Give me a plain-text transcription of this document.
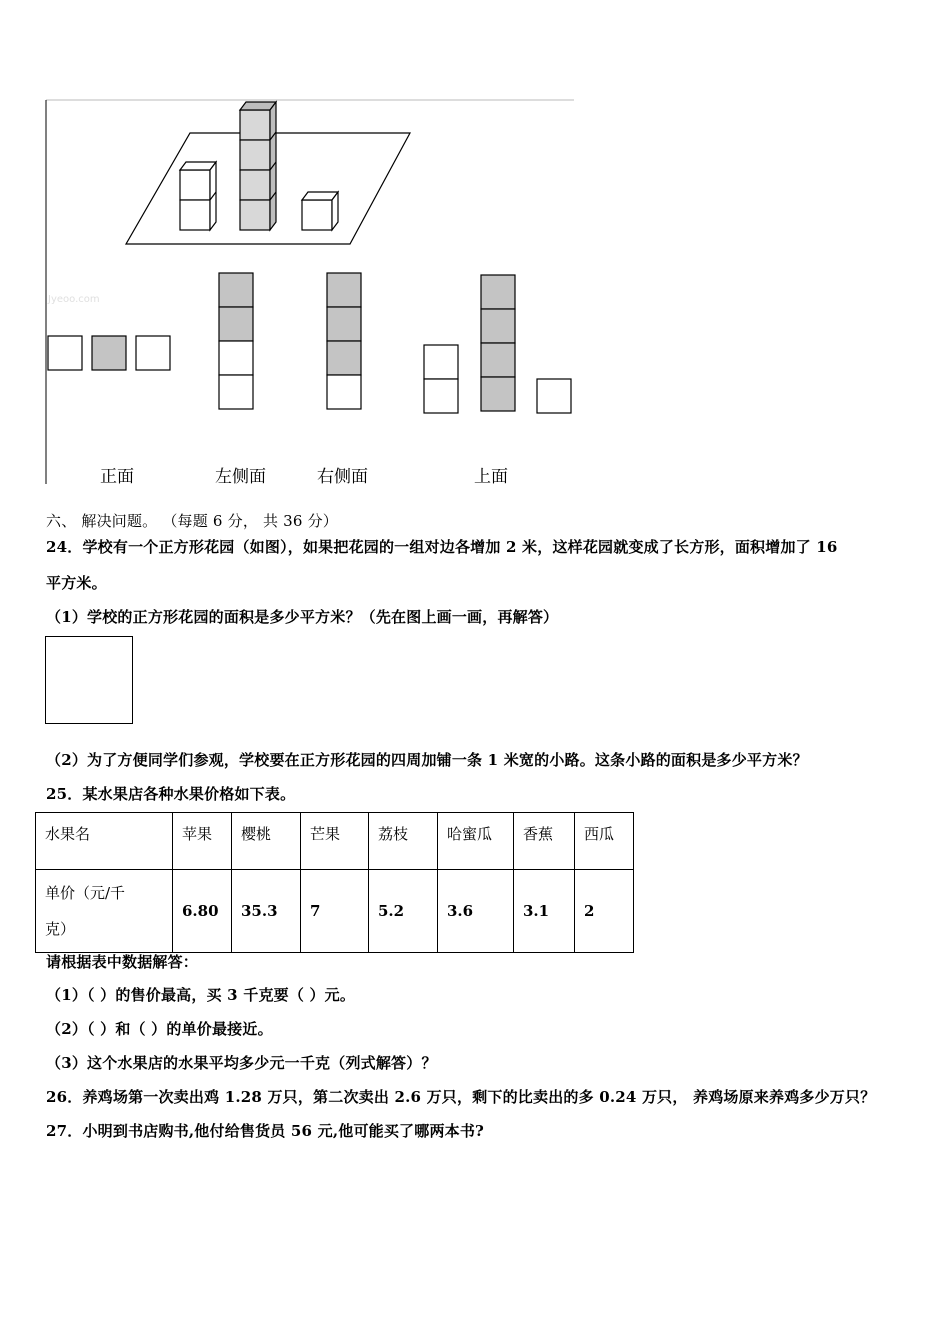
Jyeoo.com
正面	左侧面	右侧面	上面
六、 解决问题。 （每题 6 分， 共 36 分）
24．学校有一个正方形花园（如图），如果把花园的一组对边各增加 2 米，这样花园就变成了长方形，面积增加了 16
平方米。
（1）学校的正方形花园的面积是多少平方米？（先在图上画一画，再解答）
（2）为了方便同学们参观，学校要在正方形花园的四周加铺一条 1 米宽的小路。这条小路的面积是多少平方米？
25．某水果店各种水果价格如下表。
水果名	苹果	樱桃	芒果	荔枝	哈蜜瓜	香蕉	西瓜

单价（元/千
克）	6.80	35.3	7	5.2	3.6	3.1	2
请根据表中数据解答：
（1）（ ）的售价最高，买 3 千克要（ ）元。
（2）（ ）和（ ）的单价最接近。
（3）这个水果店的水果平均多少元一千克（列式解答）？
26．养鸡场第一次卖出鸡 1.28 万只，第二次卖出 2.6 万只，剩下的比卖出的多 0.24 万只， 养鸡场原来养鸡多少万只？
27．小明到书店购书,他付给售货员 56 元,他可能买了哪两本书?
